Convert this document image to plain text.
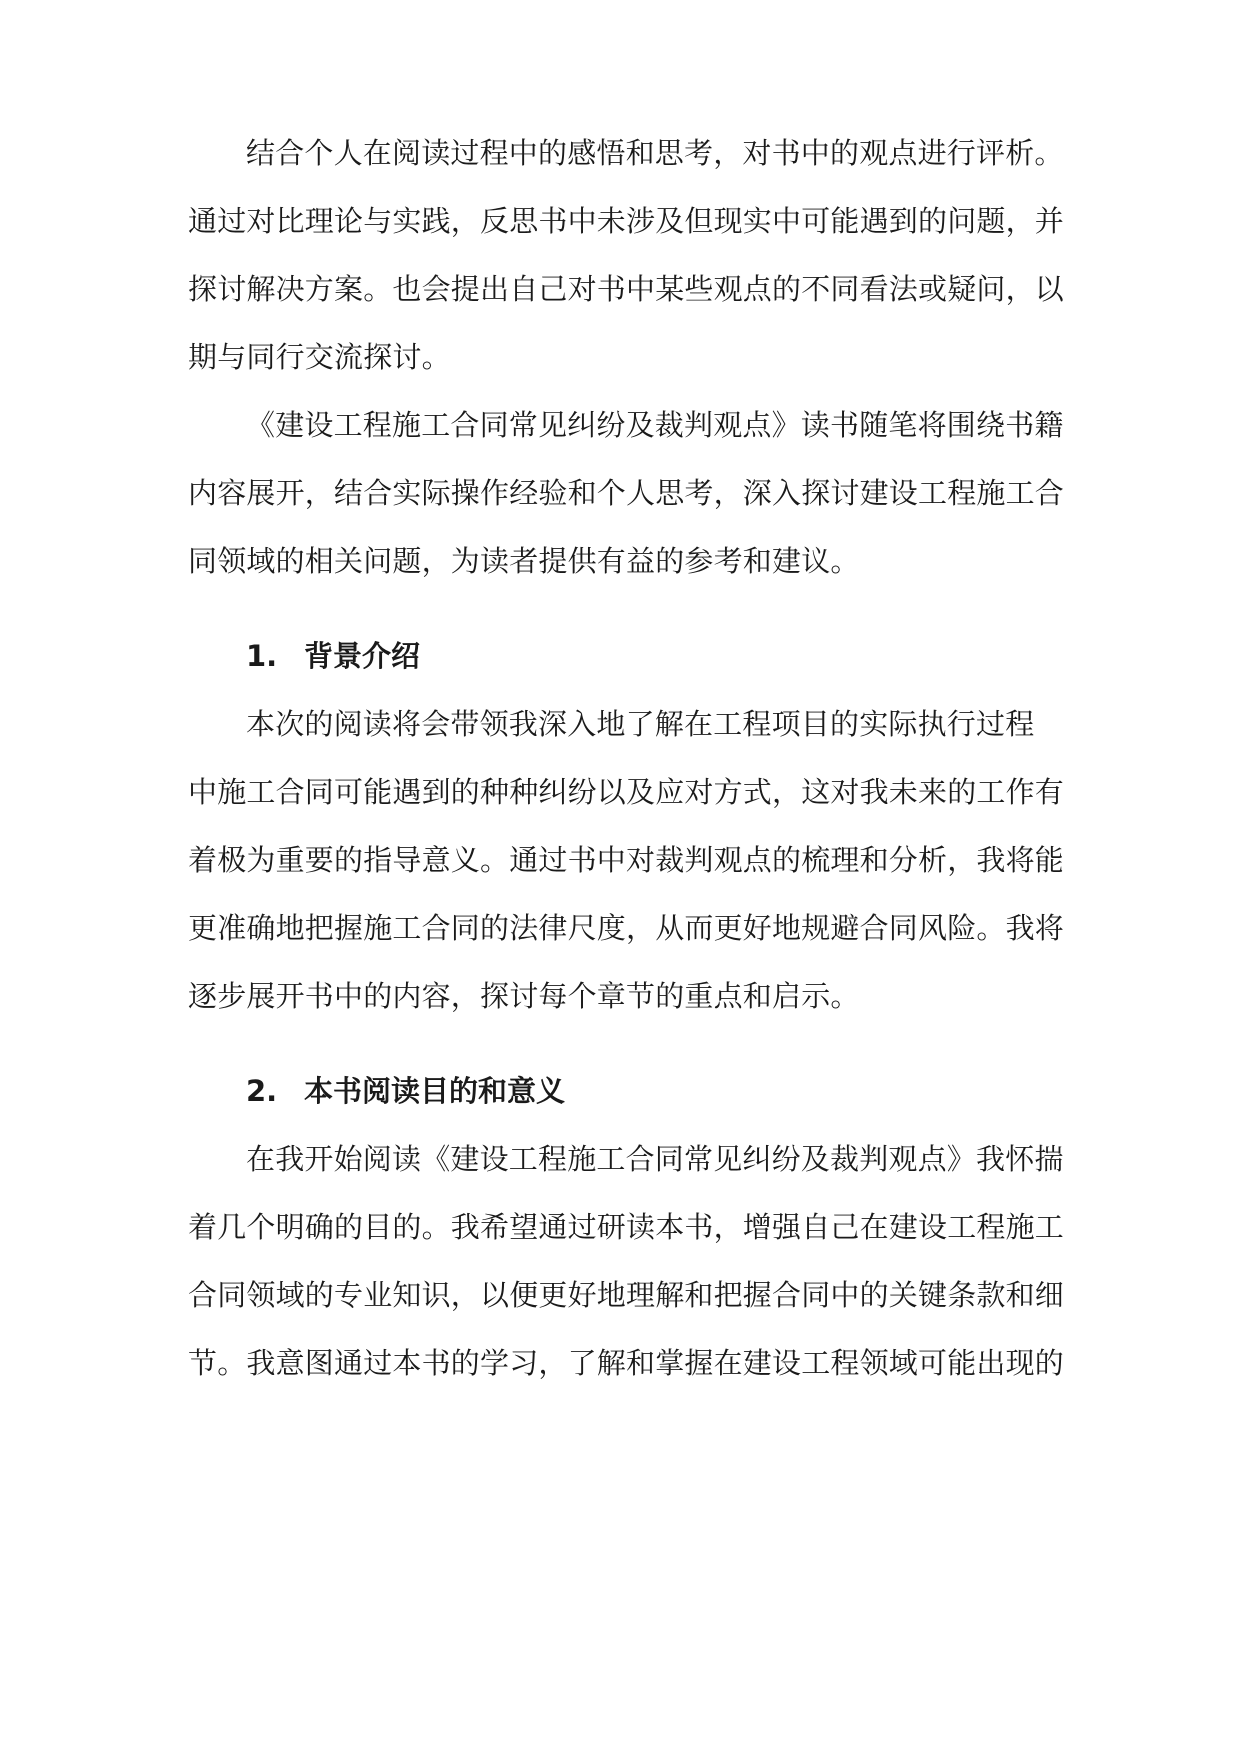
结合个人在阅读过程中的感悟和思考，对书中的观点进行评析。
通过对比理论与实践，反思书中未涉及但现实中可能遇到的问题，并
探讨解决方案。也会提出自己对书中某些观点的不同看法或疑问，以
期与同行交流探讨。
《建设工程施工合同常见纠纷及裁判观点》读书随笔将围绕书籍
内容展开，结合实际操作经验和个人思考，深入探讨建设工程施工合
同领域的相关问题，为读者提供有益的参考和建议。
1. 背景介绍
本次的阅读将会带领我深入地了解在工程项目的实际执行过程
中施工合同可能遇到的种种纠纷以及应对方式，这对我未来的工作有
着极为重要的指导意义。通过书中对裁判观点的梳理和分析，我将能
更准确地把握施工合同的法律尺度，从而更好地规避合同风险。我将
逐步展开书中的内容，探讨每个章节的重点和启示。
2. 本书阅读目的和意义
在我开始阅读《建设工程施工合同常见纠纷及裁判观点》我怀揣
着几个明确的目的。我希望通过研读本书，增强自己在建设工程施工
合同领域的专业知识，以便更好地理解和把握合同中的关键条款和细
节。我意图通过本书的学习，了解和掌握在建设工程领域可能出现的
